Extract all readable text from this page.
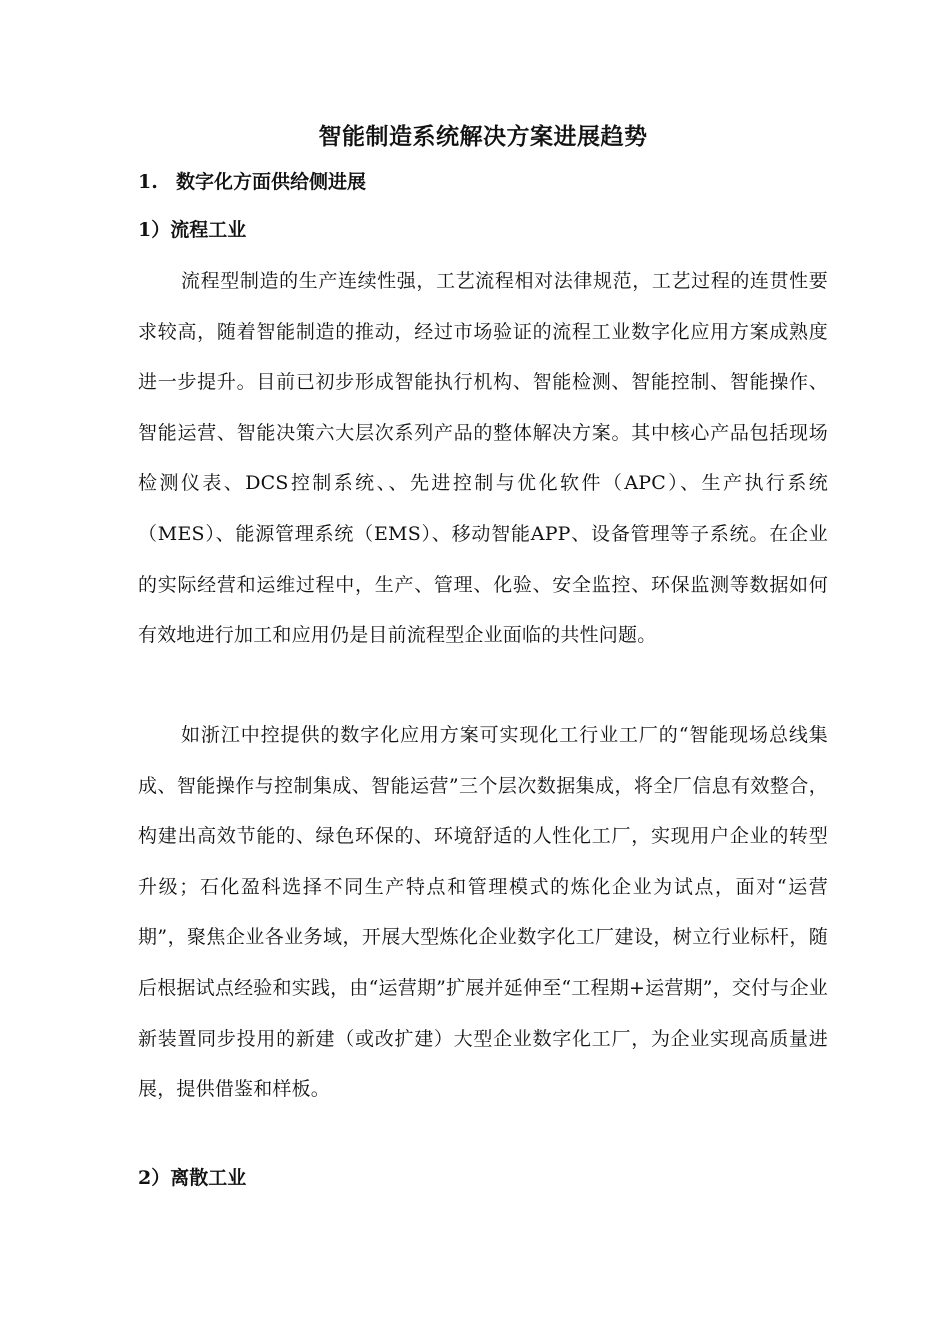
智能制造系统解决方案进展趋势
1. 数字化方面供给侧进展
1）流程工业

流程型制造的生产连续性强，工艺流程相对法律规范，工艺过程的连贯性要求较高，随着智能制造的推动，经过市场验证的流程工业数字化应用方案成熟度进一步提升。目前已初步形成智能执行机构、智能检测、智能控制、智能操作、智能运营、智能决策六大层次系列产品的整体解决方案。其中核心产品包括现场检测仪表、DCS控制系统、、先进控制与优化软件（APC）、生产执行系统（MES）、能源管理系统（EMS）、移动智能APP、设备管理等子系统。在企业的实际经营和运维过程中，生产、管理、化验、安全监控、环保监测等数据如何有效地进行加工和应用仍是目前流程型企业面临的共性问题。

如浙江中控提供的数字化应用方案可实现化工行业工厂的“智能现场总线集成、智能操作与控制集成、智能运营”三个层次数据集成，将全厂信息有效整合，构建出高效节能的、绿色环保的、环境舒适的人性化工厂，实现用户企业的转型升级；石化盈科选择不同生产特点和管理模式的炼化企业为试点，面对“运营期”，聚焦企业各业务域，开展大型炼化企业数字化工厂建设，树立行业标杆，随后根据试点经验和实践，由“运营期”扩展并延伸至“工程期+运营期”，交付与企业新装置同步投用的新建（或改扩建）大型企业数字化工厂，为企业实现高质量进展，提供借鉴和样板。

2）离散工业
